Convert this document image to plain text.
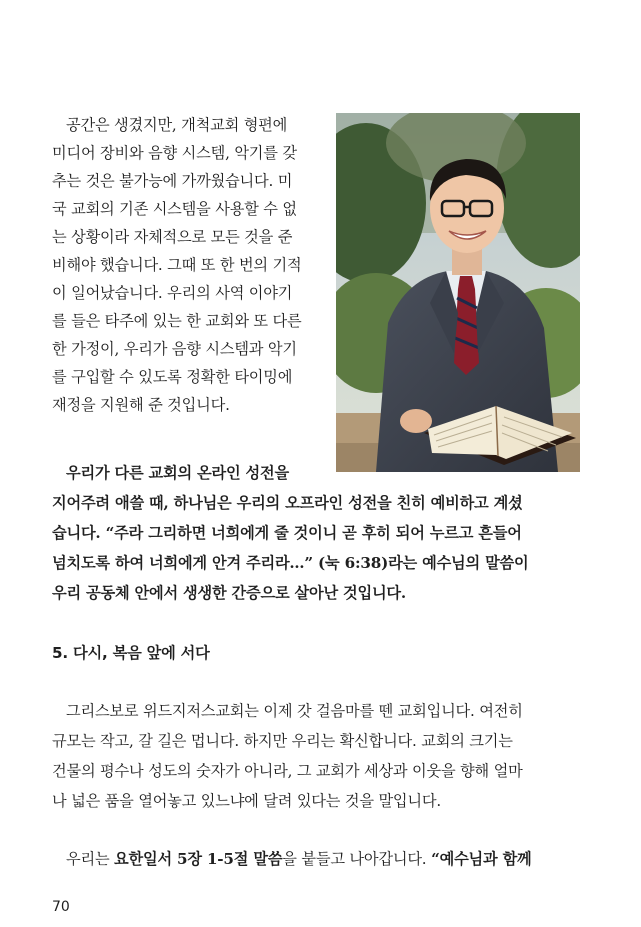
공간은 생겼지만, 개척교회 형편에
미디어 장비와 음향 시스템, 악기를 갖
추는 것은 불가능에 가까웠습니다. 미
국 교회의 기존 시스템을 사용할 수 없
는 상황이라 자체적으로 모든 것을 준
비해야 했습니다. 그때 또 한 번의 기적
이 일어났습니다. 우리의 사역 이야기
를 들은 타주에 있는 한 교회와 또 다른
한 가정이, 우리가 음향 시스템과 악기
를 구입할 수 있도록 정확한 타이밍에
재정을 지원해 준 것입니다.
우리가 다른 교회의 온라인 성전을
지어주려 애쓸 때, 하나님은 우리의 오프라인 성전을 친히 예비하고 계셨
습니다. “주라 그리하면 너희에게 줄 것이니 곧 후히 되어 누르고 흔들어
넘치도록 하여 너희에게 안겨 주리라…” (눅 6:38)라는 예수님의 말씀이
우리 공동체 안에서 생생한 간증으로 살아난 것입니다.
5. 다시, 복음 앞에 서다
그리스보로 위드지저스교회는 이제 갓 걸음마를 뗀 교회입니다. 여전히
규모는 작고, 갈 길은 멉니다. 하지만 우리는 확신합니다. 교회의 크기는
건물의 평수나 성도의 숫자가 아니라, 그 교회가 세상과 이웃을 향해 얼마
나 넓은 품을 열어놓고 있느냐에 달려 있다는 것을 말입니다.
우리는 요한일서 5장 1-5절 말씀을 붙들고 나아갑니다. “예수님과 함께
70
